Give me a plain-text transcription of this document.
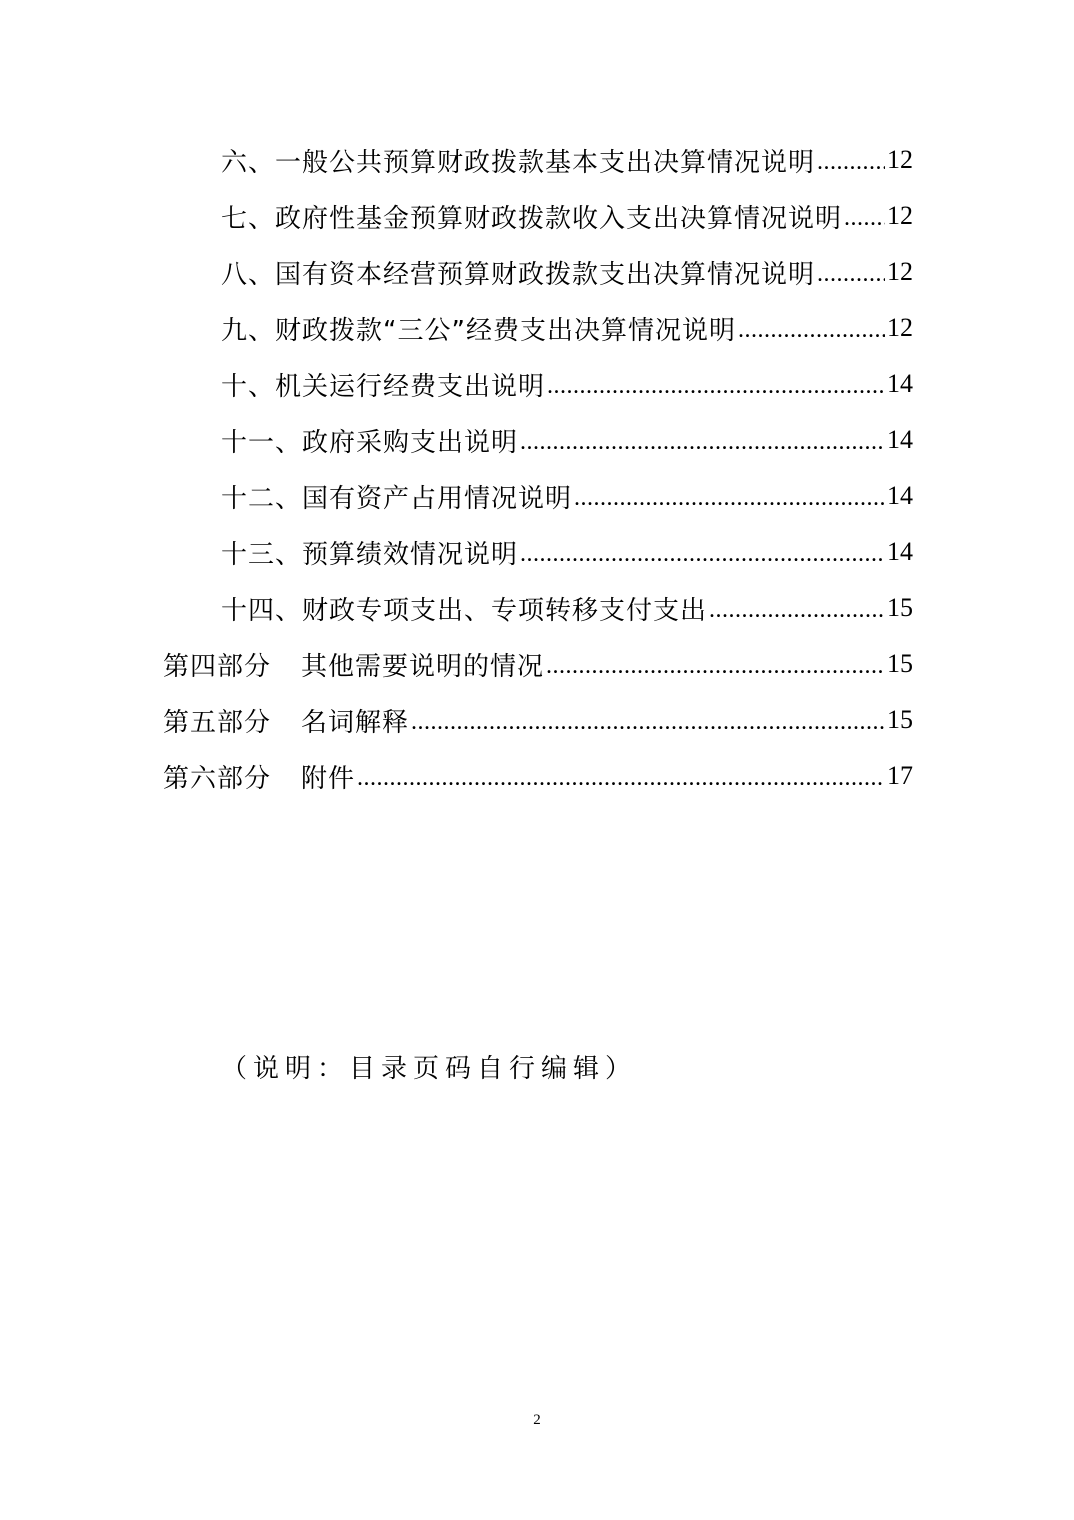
六、一般公共预算财政拨款基本支出决算情况说明 .....	12
七、政府性基金预算财政拨款收入支出决算情况说明 ..... 12
八、国有资本经营预算财政拨款支出决算情况说明 .....	12
九、财政拨款“三公”经费支出决算情况说明 .....	12
十、机关运行经费支出说明 .....	14
十一、政府采购支出说明 .....	14
十二、国有资产占用情况说明 .....	14
十三、预算绩效情况说明 .....	14
十四、财政专项支出、专项转移支付支出 .....	15
第四部分 其他需要说明的情况 .....	15
第五部分 名词解释 .....	15
第六部分 附件 .....	17
（说明：目录页码自行编辑）
2
